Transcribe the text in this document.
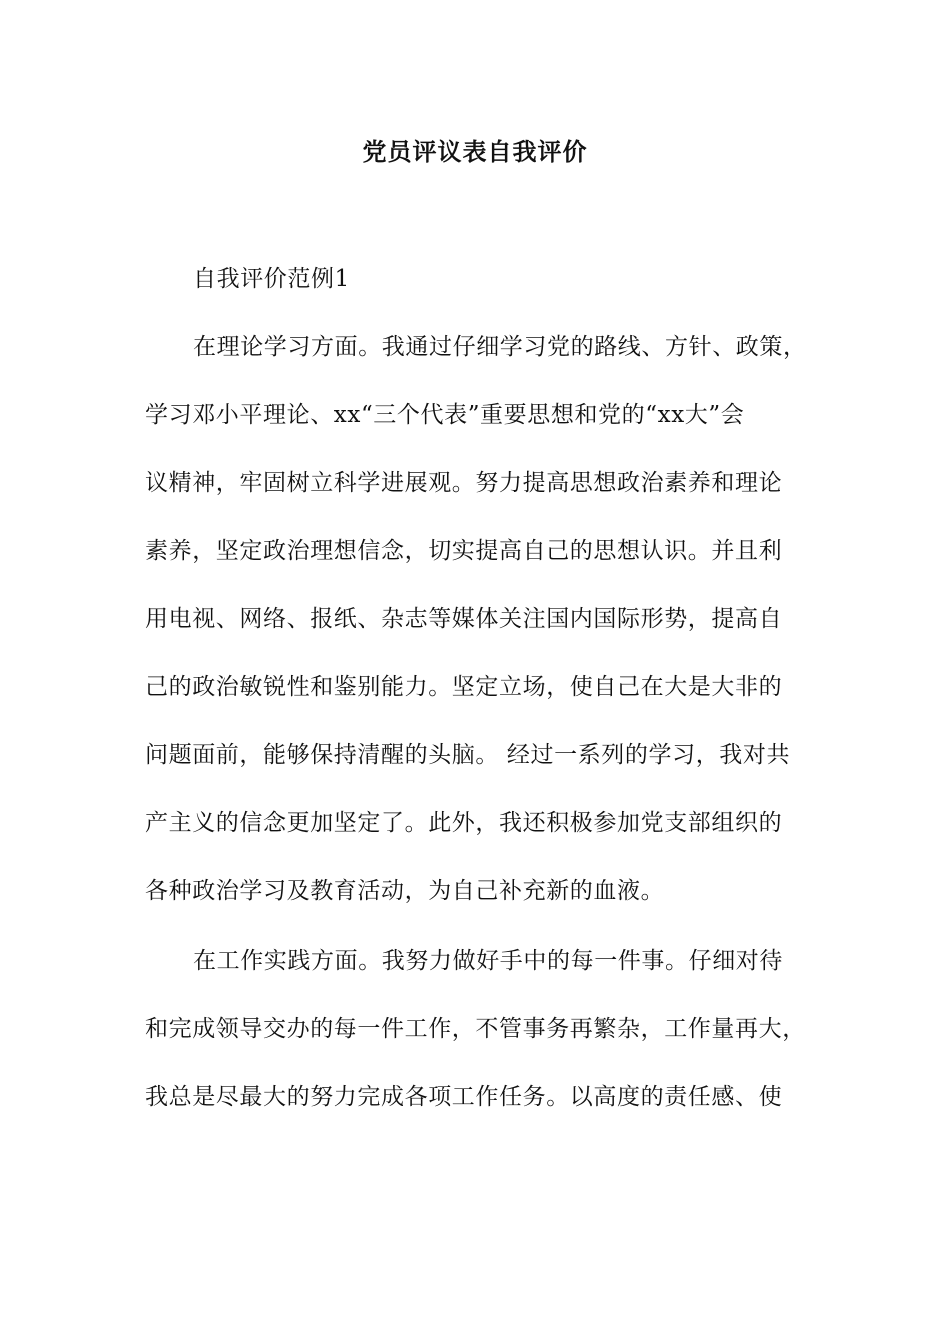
党员评议表自我评价
自我评价范例1
在理论学习方面。我通过仔细学习党的路线、方针、政策，
学习邓小平理论、xx“三个代表”重要思想和党的“xx大”会
议精神，牢固树立科学进展观。努力提高思想政治素养和理论
素养，坚定政治理想信念，切实提高自己的思想认识。并且利
用电视、网络、报纸、杂志等媒体关注国内国际形势，提高自
己的政治敏锐性和鉴别能力。坚定立场，使自己在大是大非的
问题面前，能够保持清醒的头脑。 经过一系列的学习，我对共
产主义的信念更加坚定了。此外，我还积极参加党支部组织的
各种政治学习及教育活动，为自己补充新的血液。
在工作实践方面。我努力做好手中的每一件事。仔细对待
和完成领导交办的每一件工作，不管事务再繁杂，工作量再大，
我总是尽最大的努力完成各项工作任务。以高度的责任感、使
